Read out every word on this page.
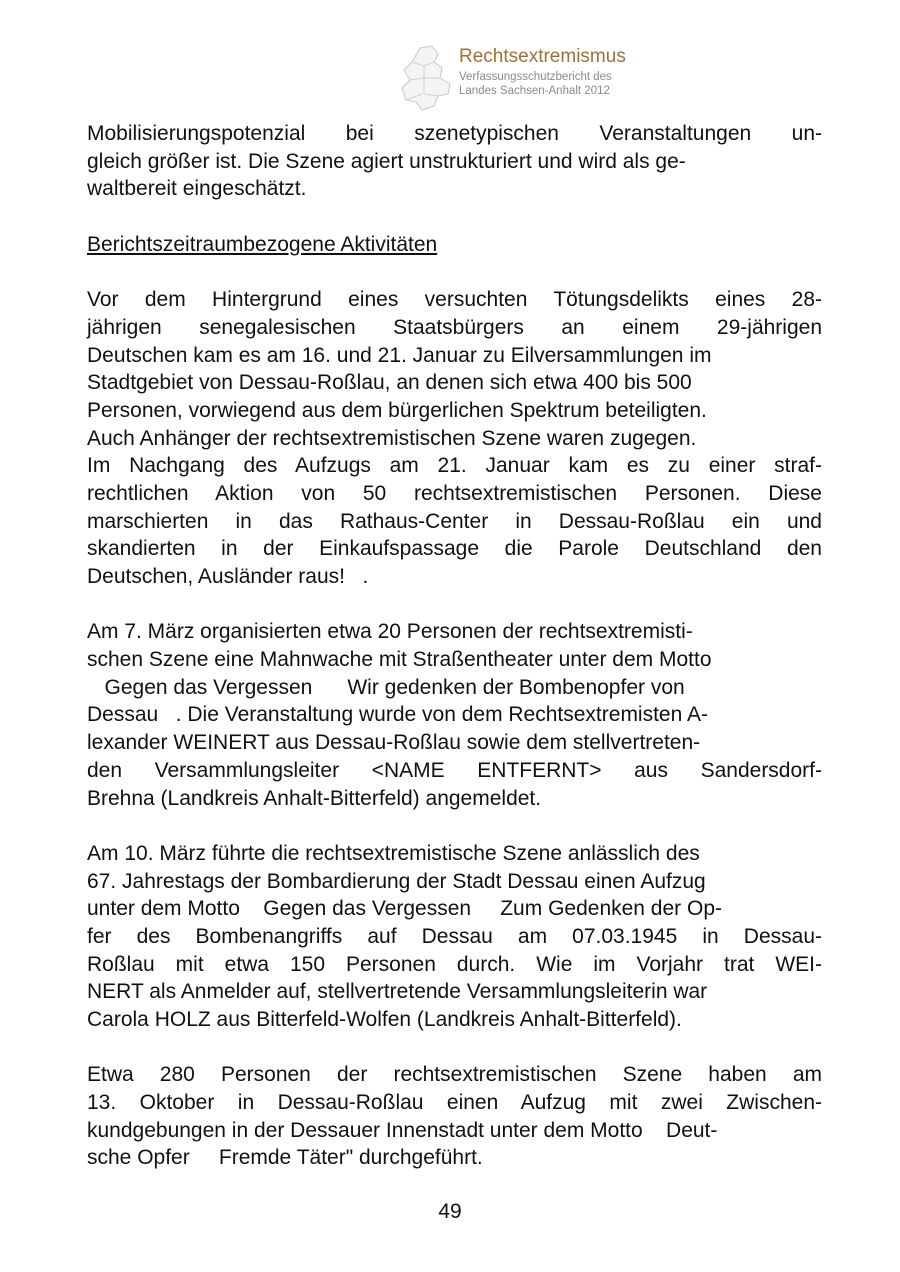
Rechtsextremismus
Verfassungsschutzbericht des
Landes Sachsen-Anhalt 2012
Mobilisierungspotenzial bei szenetypischen Veranstaltungen un-
gleich größer ist. Die Szene agiert unstrukturiert und wird als ge-
waltbereit eingeschätzt.
Berichtszeitraumbezogene Aktivitäten
Vor dem Hintergrund eines versuchten Tötungsdelikts eines 28-
jährigen senegalesischen Staatsbürgers an einem 29-jährigen
Deutschen kam es am 16. und 21. Januar zu Eilversammlungen im
Stadtgebiet von Dessau-Roßlau, an denen sich etwa 400 bis 500
Personen, vorwiegend aus dem bürgerlichen Spektrum beteiligten.
Auch Anhänger der rechtsextremistischen Szene waren zugegen.
Im Nachgang des Aufzugs am 21. Januar kam es zu einer straf-
rechtlichen Aktion von 50 rechtsextremistischen Personen. Diese
marschierten in das Rathaus-Center in Dessau-Roßlau ein und
skandierten in der Einkaufspassage die Parole Deutschland den
Deutschen, Ausländer raus!   .
Am 7. März organisierten etwa 20 Personen der rechtsextremisti-
schen Szene eine Mahnwache mit Straßentheater unter dem Motto
Gegen das Vergessen      Wir gedenken der Bombenopfer von
Dessau   . Die Veranstaltung wurde von dem Rechtsextremisten A-
lexander WEINERT aus Dessau-Roßlau sowie dem stellvertreten-
den Versammlungsleiter <NAME ENTFERNT> aus Sandersdorf-
Brehna (Landkreis Anhalt-Bitterfeld) angemeldet.
Am 10. März führte die rechtsextremistische Szene anlässlich des
67. Jahrestags der Bombardierung der Stadt Dessau einen Aufzug
unter dem Motto    Gegen das Vergessen     Zum Gedenken der Op-
fer des Bombenangriffs auf Dessau am 07.03.1945 in Dessau-
Roßlau mit etwa 150 Personen durch. Wie im Vorjahr trat WEI-
NERT als Anmelder auf, stellvertretende Versammlungsleiterin war
Carola HOLZ aus Bitterfeld-Wolfen (Landkreis Anhalt-Bitterfeld).
Etwa 280 Personen der rechtsextremistischen Szene haben am
13. Oktober in Dessau-Roßlau einen Aufzug mit zwei Zwischen-
kundgebungen in der Dessauer Innenstadt unter dem Motto    Deut-
sche Opfer     Fremde Täter" durchgeführt.
49
